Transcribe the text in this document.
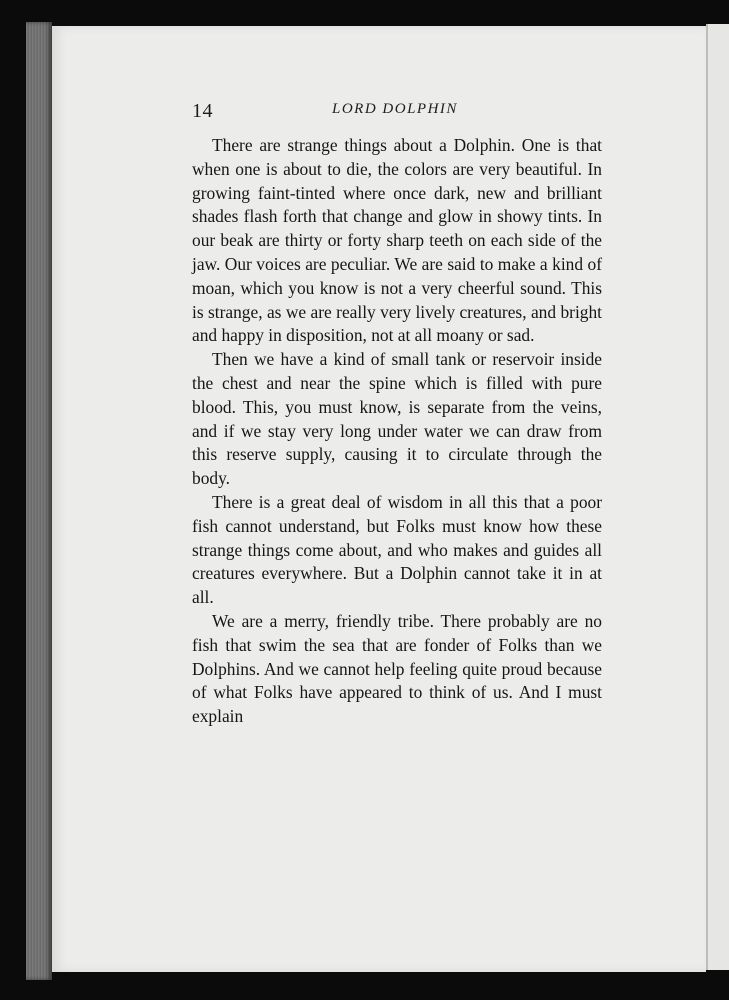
14	LORD DOLPHIN

There are strange things about a Dolphin. One is that when one is about to die, the colors are very beautiful. In growing faint-tinted where once dark, new and brilliant shades flash forth that change and glow in showy tints. In our beak are thirty or forty sharp teeth on each side of the jaw. Our voices are peculiar. We are said to make a kind of moan, which you know is not a very cheerful sound. This is strange, as we are really very lively creatures, and bright and happy in disposition, not at all moany or sad.

Then we have a kind of small tank or reservoir inside the chest and near the spine which is filled with pure blood. This, you must know, is separate from the veins, and if we stay very long under water we can draw from this reserve supply, causing it to circulate through the body.

There is a great deal of wisdom in all this that a poor fish cannot understand, but Folks must know how these strange things come about, and who makes and guides all creatures everywhere. But a Dolphin cannot take it in at all.

We are a merry, friendly tribe. There probably are no fish that swim the sea that are fonder of Folks than we Dolphins. And we cannot help feeling quite proud because of what Folks have appeared to think of us. And I must explain
